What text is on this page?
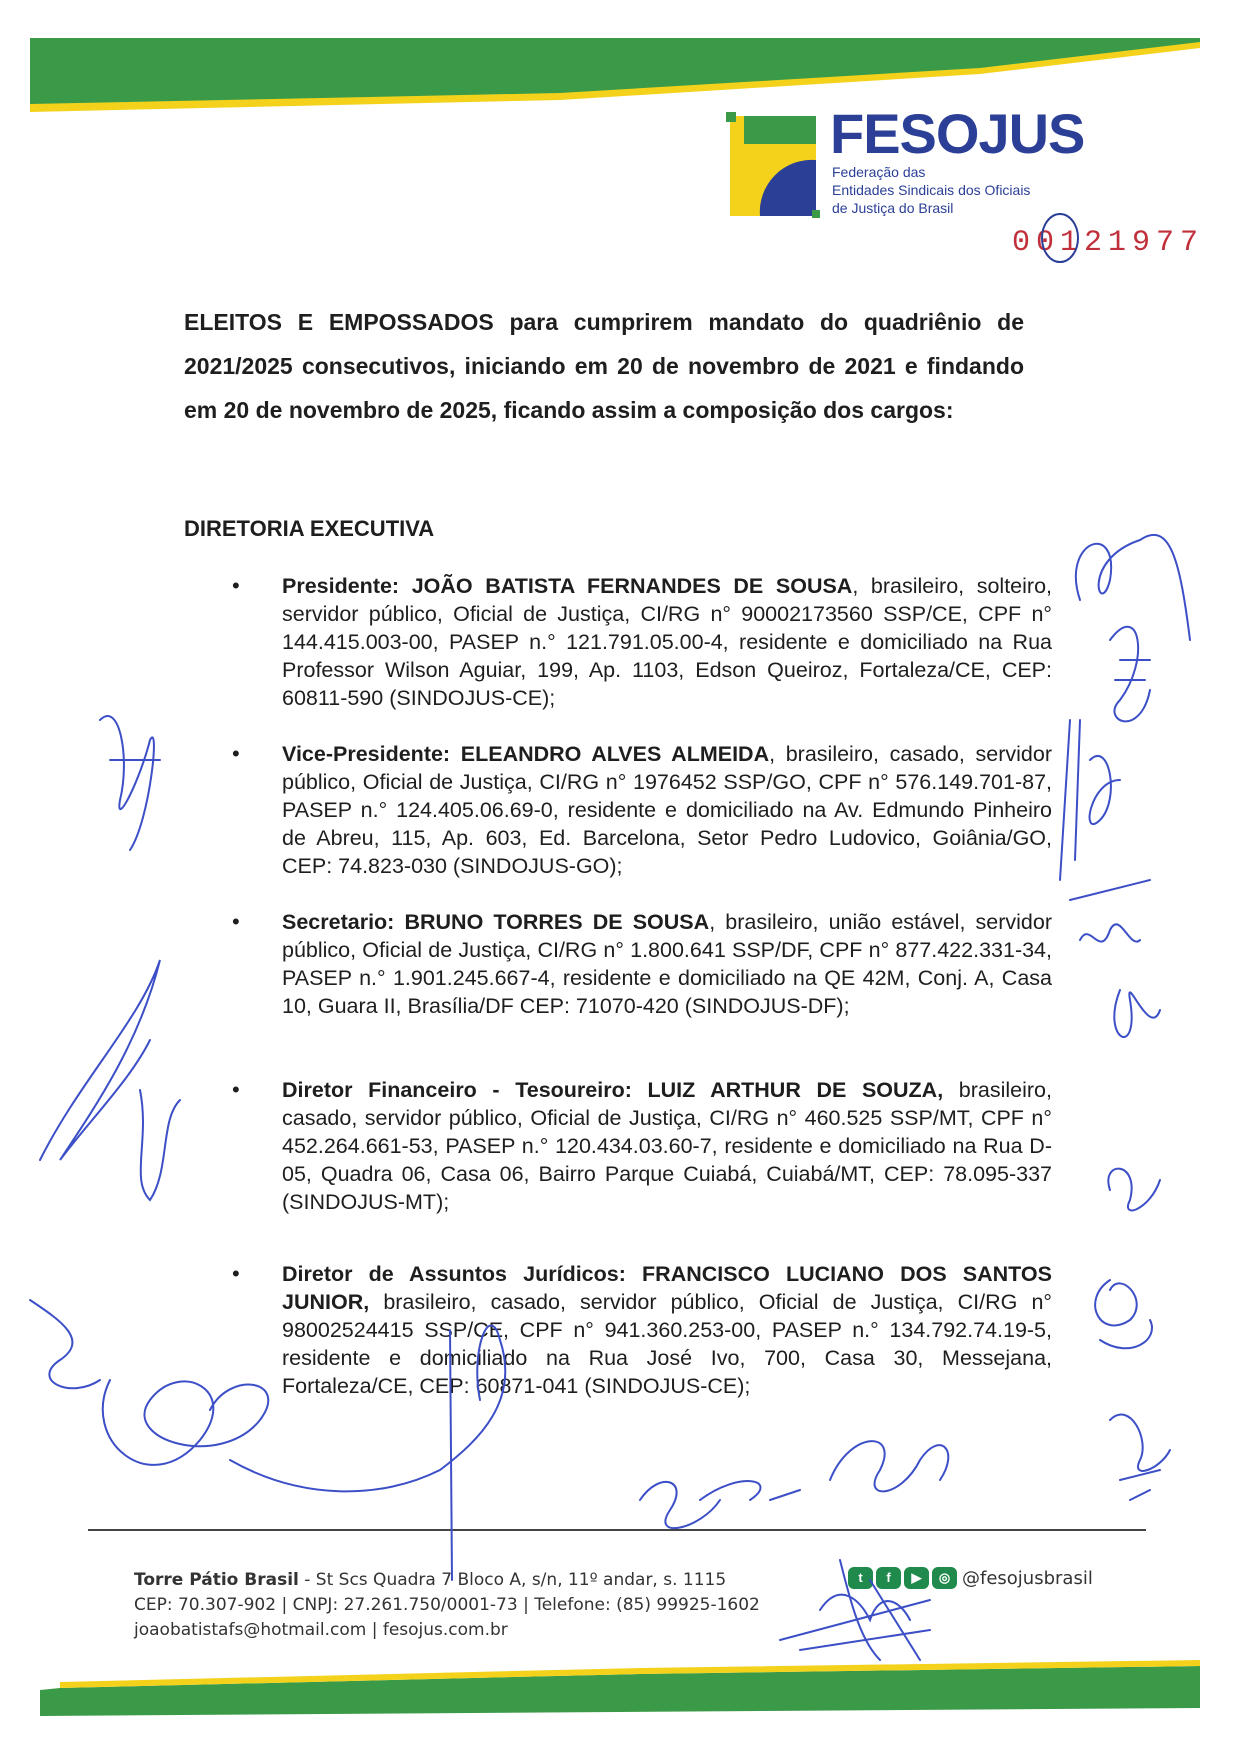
FESOJUS
Federação das
Entidades Sindicais dos Oficiais
de Justiça do Brasil
00121977
ELEITOS E EMPOSSADOS para cumprirem mandato do quadriênio de 2021/2025 consecutivos, iniciando em 20 de novembro de 2021 e findando em 20 de novembro de 2025, ficando assim a composição dos cargos:
DIRETORIA EXECUTIVA
• Presidente: JOÃO BATISTA FERNANDES DE SOUSA, brasileiro, solteiro, servidor público, Oficial de Justiça, CI/RG n° 90002173560 SSP/CE, CPF n° 144.415.003-00, PASEP n.° 121.791.05.00-4, residente e domiciliado na Rua Professor Wilson Aguiar, 199, Ap. 1103, Edson Queiroz, Fortaleza/CE, CEP: 60811-590 (SINDOJUS-CE);
• Vice-Presidente: ELEANDRO ALVES ALMEIDA, brasileiro, casado, servidor público, Oficial de Justiça, CI/RG n° 1976452 SSP/GO, CPF n° 576.149.701-87, PASEP n.° 124.405.06.69-0, residente e domiciliado na Av. Edmundo Pinheiro de Abreu, 115, Ap. 603, Ed. Barcelona, Setor Pedro Ludovico, Goiânia/GO, CEP: 74.823-030 (SINDOJUS-GO);
• Secretario: BRUNO TORRES DE SOUSA, brasileiro, união estável, servidor público, Oficial de Justiça, CI/RG n° 1.800.641 SSP/DF, CPF n° 877.422.331-34, PASEP n.° 1.901.245.667-4, residente e domiciliado na QE 42M, Conj. A, Casa 10, Guara II, Brasília/DF CEP: 71070-420 (SINDOJUS-DF);
• Diretor Financeiro - Tesoureiro: LUIZ ARTHUR DE SOUZA, brasileiro, casado, servidor público, Oficial de Justiça, CI/RG n° 460.525 SSP/MT, CPF n° 452.264.661-53, PASEP n.° 120.434.03.60-7, residente e domiciliado na Rua D-05, Quadra 06, Casa 06, Bairro Parque Cuiabá, Cuiabá/MT, CEP: 78.095-337 (SINDOJUS-MT);
• Diretor de Assuntos Jurídicos: FRANCISCO LUCIANO DOS SANTOS JUNIOR, brasileiro, casado, servidor público, Oficial de Justiça, CI/RG n° 98002524415 SSP/CE, CPF n° 941.360.253-00, PASEP n.° 134.792.74.19-5, residente e domiciliado na Rua José Ivo, 700, Casa 30, Messejana, Fortaleza/CE, CEP: 60871-041 (SINDOJUS-CE);
Torre Pátio Brasil - St Scs Quadra 7 Bloco A, s/n, 11º andar, s. 1115
CEP: 70.307-902 | CNPJ: 27.261.750/0001-73 | Telefone: (85) 99925-1602
joaobatistafs@hotmail.com | fesojus.com.br
t f ▶ ◎ @fesojusbrasil
